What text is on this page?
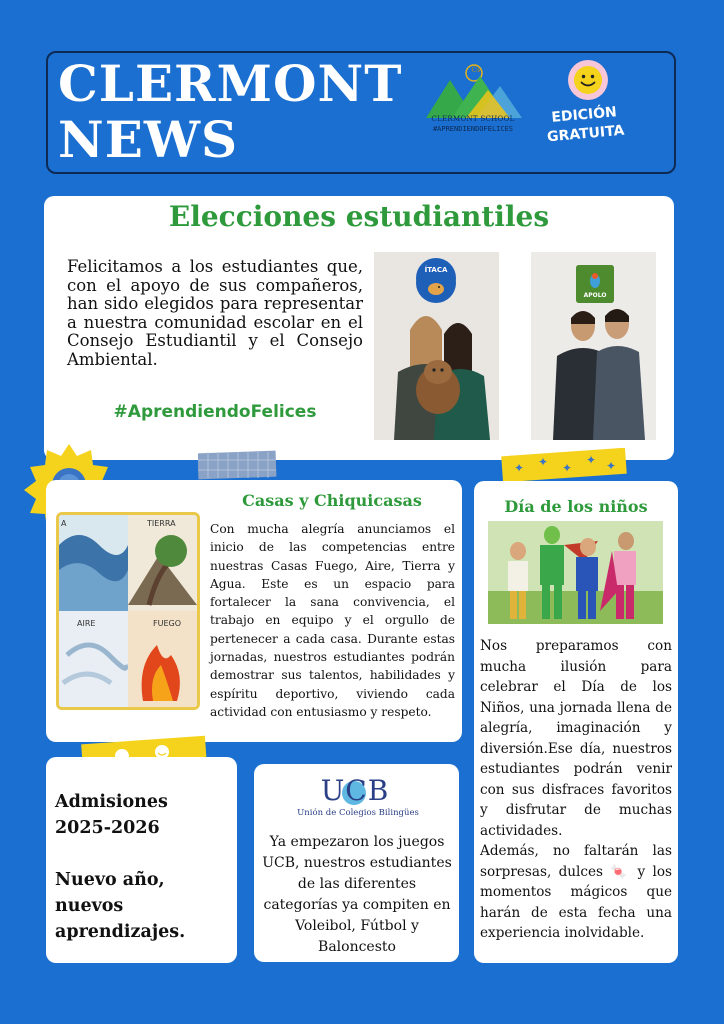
CLERMONT
NEWS
Cs
CLERMONT SCHOOL
#APRENDIENDOFELICES
EDICIÓN
GRATUITA
Elecciones estudiantiles
Felicitamos a los estudiantes que, con el apoyo de sus compañeros, han sido elegidos para representar a nuestra comunidad escolar en el Consejo Estudiantil y el Consejo Ambiental.
#AprendiendoFelices
ÍTACA
APOLO
✦ ✦ ✦
✦ ✦
Casas y Chiquicasas
Con mucha alegría anunciamos el inicio de las competencias entre nuestras Casas Fuego, Aire, Tierra y Agua. Este es un espacio para fortalecer la sana convivencia, el trabajo en equipo y el orgullo de pertenecer a cada casa. Durante estas jornadas, nuestros estudiantes podrán demostrar sus talentos, habilidades y espíritu deportivo, viviendo cada actividad con entusiasmo y respeto.
A	TIERRA
AIRE	FUEGO
Admisiones
2025-2026
Nuevo año,
nuevos
aprendizajes.
UCB
Unión de Colegios Bilingües
Ya empezaron los juegos UCB, nuestros estudiantes de las diferentes categorías ya compiten en Voleibol, Fútbol y Baloncesto
Día de los niños
Nos preparamos con mucha ilusión para celebrar el Día de los Niños, una jornada llena de alegría, imaginación y diversión.Ese día, nuestros estudiantes podrán venir con sus disfraces favoritos y disfrutar de muchas actividades.
Además, no faltarán las sorpresas, dulces 🍬 y los momentos mágicos que harán de esta fecha una experiencia inolvidable.
